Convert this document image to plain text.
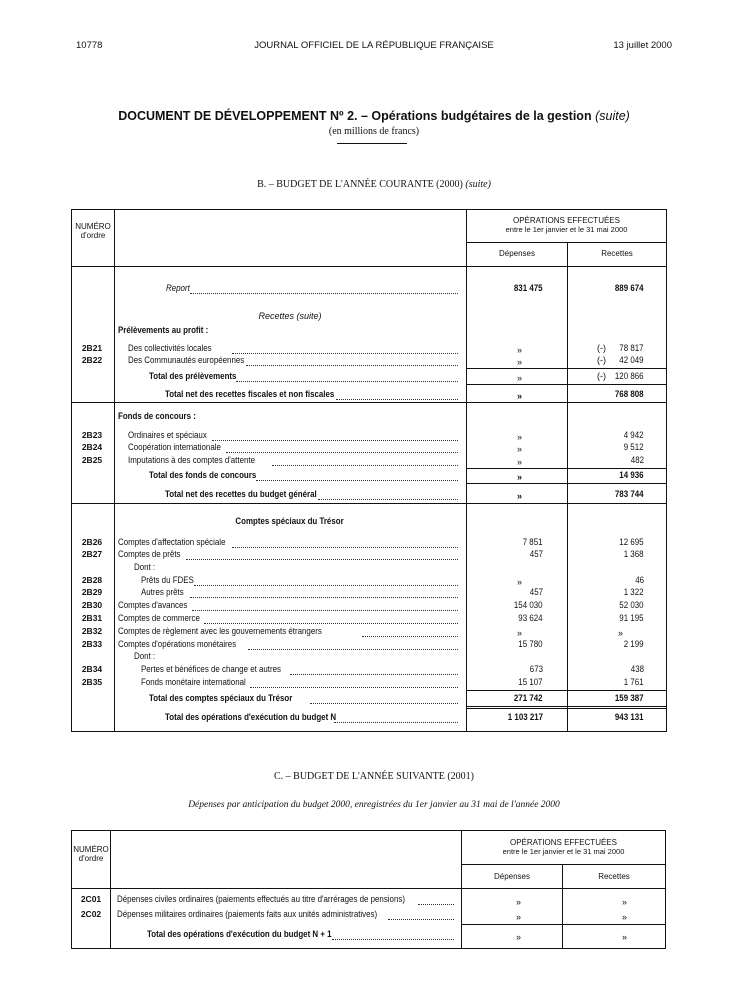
10778	JOURNAL OFFICIEL DE LA RÉPUBLIQUE FRANÇAISE	13 juillet 2000
DOCUMENT DE DÉVELOPPEMENT Nº 2. – Opérations budgétaires de la gestion (suite)
(en millions de francs)
B. – BUDGET DE L'ANNÉE COURANTE (2000) (suite)
NUMÉRO
d'ordre
OPÉRATIONS EFFECTUÉES
entre le 1er janvier et le 31 mai 2000
Dépenses	Recettes
Report	831 475	889 674
Recettes (suite)
Prélèvements au profit :
2B21	Des collectivités locales	»	(-) 78 817
2B22	Des Communautés européennes	»	(-) 42 049
Total des prélèvements	»	(-) 120 866
Total net des recettes fiscales et non fiscales	»	768 808
Fonds de concours :
2B23	Ordinaires et spéciaux	»	4 942
2B24	Coopération internationale	»	9 512
2B25	Imputations à des comptes d'attente	»	482
Total des fonds de concours	»	14 936
Total net des recettes du budget général	»	783 744
Comptes spéciaux du Trésor
2B26	Comptes d'affectation spéciale	7 851	12 695
2B27	Comptes de prêts	457	1 368
Dont :
2B28	Prêts du FDES	»	46
2B29	Autres prêts	457	1 322
2B30	Comptes d'avances	154 030	52 030
2B31	Comptes de commerce	93 624	91 195
2B32	Comptes de règlement avec les gouvernements étrangers	»	»
2B33	Comptes d'opérations monétaires	15 780	2 199
Dont :
2B34	Pertes et bénéfices de change et autres	673	438
2B35	Fonds monétaire international	15 107	1 761
Total des comptes spéciaux du Trésor	271 742	159 387
Total des opérations d'exécution du budget N	1 103 217	943 131
C. – BUDGET DE L'ANNÉE SUIVANTE (2001)
Dépenses par anticipation du budget 2000, enregistrées du 1er janvier au 31 mai de l'année 2000
NUMÉRO
d'ordre
OPÉRATIONS EFFECTUÉES
entre le 1er janvier et le 31 mai 2000
Dépenses	Recettes
2C01	Dépenses civiles ordinaires (paiements effectués au titre d'arrérages de pensions)	»	»
2C02	Dépenses militaires ordinaires (paiements faits aux unités administratives)	»	»
Total des opérations d'exécution du budget N + 1	»	»
